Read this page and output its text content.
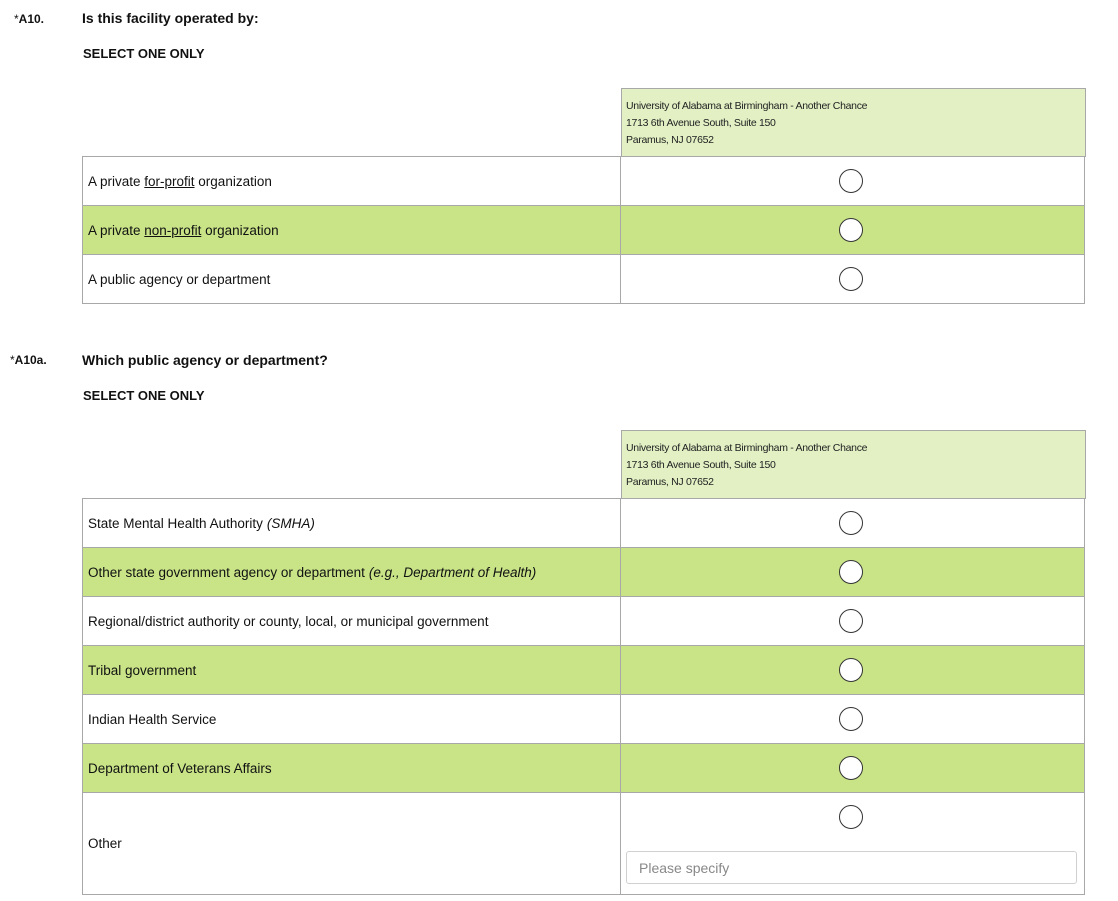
*A10.	Is this facility operated by:
SELECT ONE ONLY
University of Alabama at Birmingham - Another Chance
1713 6th Avenue South, Suite 150
Paramus, NJ 07652
A private for-profit organization	

A private non-profit organization	

A public agency or department	
*A10a.	Which public agency or department?
SELECT ONE ONLY
University of Alabama at Birmingham - Another Chance
1713 6th Avenue South, Suite 150
Paramus, NJ 07652
State Mental Health Authority (SMHA)	

Other state government agency or department (e.g., Department of Health)	

Regional/district authority or county, local, or municipal government	

Tribal government	

Indian Health Service	

Department of Veterans Affairs	

Other	
Please specify
